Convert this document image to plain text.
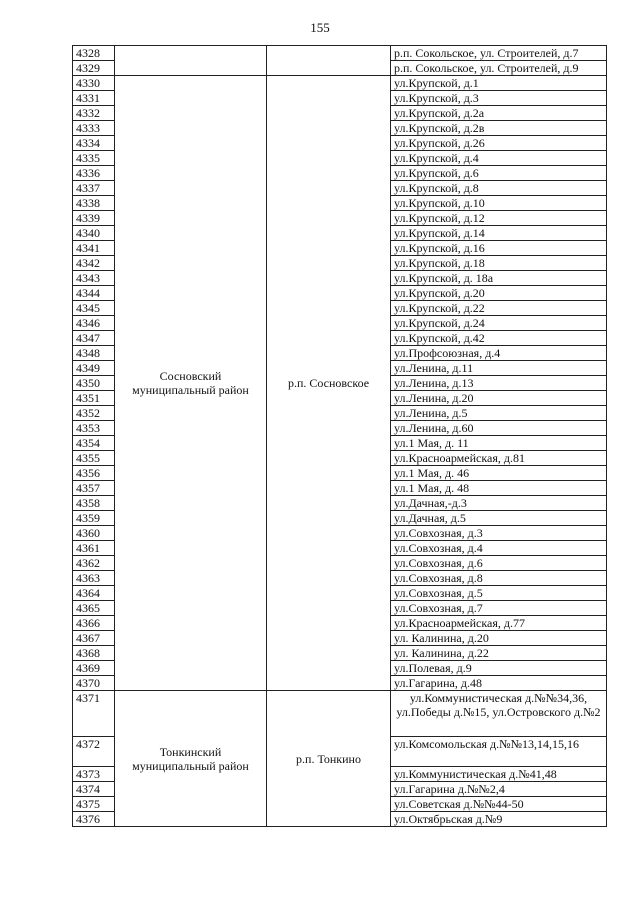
155
4328			р.п. Сокольское, ул. Строителей, д.7
4329			р.п. Сокольское, ул. Строителей, д.9
4330	Сосновский муниципальный район	р.п. Сосновское	ул.Крупской, д.1
4331			ул.Крупской, д.3
4332			ул.Крупской, д.2а
4333			ул.Крупской, д.2в
4334			ул.Крупской, д.26
4335			ул.Крупской, д.4
4336			ул.Крупской, д.6
4337			ул.Крупской, д.8
4338			ул.Крупской, д.10
4339			ул.Крупской, д.12
4340			ул.Крупской, д.14
4341			ул.Крупской, д.16
4342			ул.Крупской, д.18
4343			ул.Крупской, д. 18а
4344			ул.Крупской, д.20
4345			ул.Крупской, д.22
4346			ул.Крупской, д.24
4347			ул.Крупской, д.42
4348			ул.Профсоюзная, д.4
4349			ул.Ленина, д.11
4350			ул.Ленина, д.13
4351			ул.Ленина, д.20
4352			ул.Ленина, д.5
4353			ул.Ленина, д.60
4354			ул.1 Мая, д. 11
4355			ул.Красноармейская, д.81
4356			ул.1 Мая, д. 46
4357			ул.1 Мая, д. 48
4358			ул.Дачная,-д.3
4359			ул.Дачная, д.5
4360			ул.Совхозная, д.3
4361			ул.Совхозная, д.4
4362			ул.Совхозная, д.6
4363			ул.Совхозная, д.8
4364			ул.Совхозная, д.5
4365			ул.Совхозная, д.7
4366			ул.Красноармейская, д.77
4367			ул. Калинина, д.20
4368			ул. Калинина, д.22
4369			ул.Полевая, д.9
4370			ул.Гагарина, д.48
4371	Тонкинский муниципальный район	р.п. Тонкино	ул.Коммунистическая д.№№34,36, ул.Победы д.№15, ул.Островского д.№2
4372			ул.Комсомольская д.№№13,14,15,16
4373			ул.Коммунистическая д.№41,48
4374			ул.Гагарина д.№№2,4
4375			ул.Советская д.№№44-50
4376			ул.Октябрьская д.№9
